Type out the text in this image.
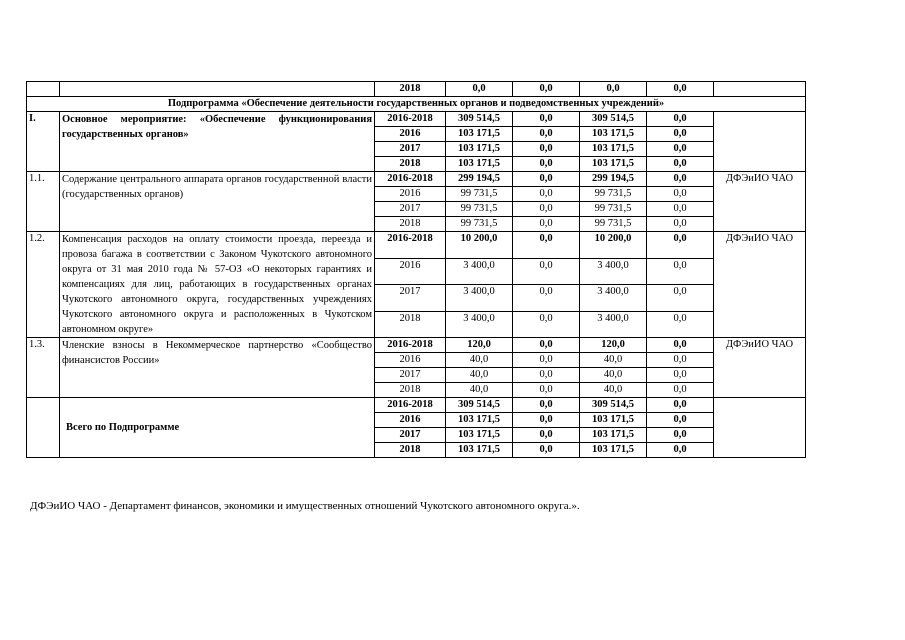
		2018	0,0	0,0	0,0	0,0		
Подпрограмма «Обеспечение деятельности государственных органов и подведомственных учреждений»								
I.	Основное мероприятие: «Обеспечение функционирования государственных органов»	2016-2018	309 514,5	0,0	309 514,5	0,0		
		2016	103 171,5	0,0	103 171,5	0,0		
		2017	103 171,5	0,0	103 171,5	0,0		
		2018	103 171,5	0,0	103 171,5	0,0		
1.1.	Содержание центрального аппарата органов государственной власти (государственных органов)	2016-2018	299 194,5	0,0	299 194,5	0,0	ДФЭиИО ЧАО	
		2016	99 731,5	0,0	99 731,5	0,0		
		2017	99 731,5	0,0	99 731,5	0,0		
		2018	99 731,5	0,0	99 731,5	0,0		
1.2.	Компенсация расходов на оплату стоимости проезда, переезда и провоза багажа в соответствии с Законом Чукотского автономного округа от 31 мая 2010 года № 57-ОЗ «О некоторых гарантиях и компенсациях для лиц, работающих в государственных органах Чукотского автономного округа, государственных учреждениях Чукотского автономного округа и расположенных в Чукотском автономном округе»	2016-2018	10 200,0	0,0	10 200,0	0,0	ДФЭиИО ЧАО	
		2016	3 400,0	0,0	3 400,0	0,0		
		2017	3 400,0	0,0	3 400,0	0,0		
		2018	3 400,0	0,0	3 400,0	0,0		
1.3.	Членские взносы в Некоммерческое партнерство «Сообщество финансистов России»	2016-2018	120,0	0,0	120,0	0,0	ДФЭиИО ЧАО	
		2016	40,0	0,0	40,0	0,0		
		2017	40,0	0,0	40,0	0,0		
		2018	40,0	0,0	40,0	0,0		
	Всего по Подпрограмме	2016-2018	309 514,5	0,0	309 514,5	0,0		
		2016	103 171,5	0,0	103 171,5	0,0		
		2017	103 171,5	0,0	103 171,5	0,0		
		2018	103 171,5	0,0	103 171,5	0,0		
ДФЭиИО ЧАО - Департамент финансов, экономики и имущественных отношений Чукотского автономного округа.».
